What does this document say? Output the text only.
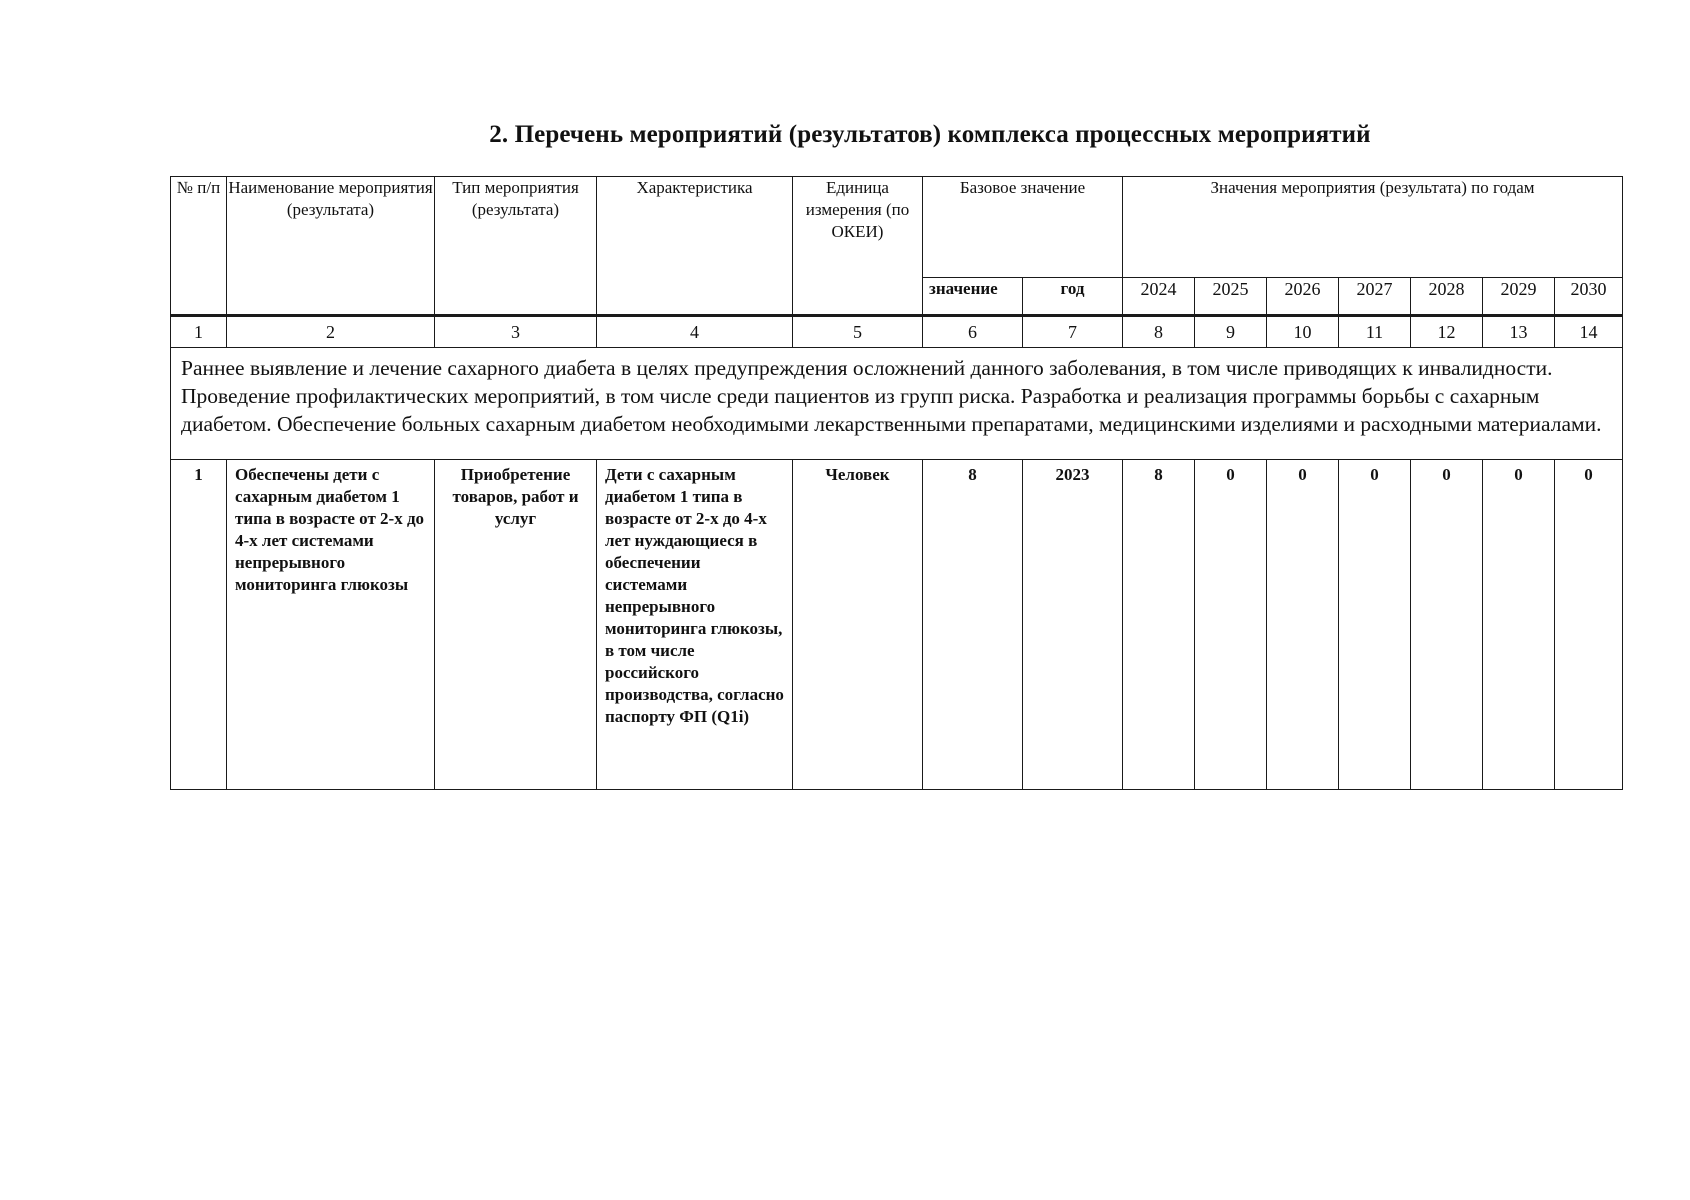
2. Перечень мероприятий (результатов) комплекса процессных мероприятий
№ п/п	Наименование мероприятия (результата)	Тип мероприятия (результата)	Характеристика	Единица измерения (по ОКЕИ)	Базовое значение		Значения мероприятия (результата) по годам						
					значение	год	2024	2025	2026	2027	2028	2029	2030
1	2	3	4	5	6	7	8	9	10	11	12	13	14
Раннее выявление и лечение сахарного диабета в целях предупреждения осложнений данного заболевания, в том числе приводящих к инвалидности. Проведение профилактических мероприятий, в том числе среди пациентов из групп риска. Разработка и реализация программы борьбы с сахарным диабетом. Обеспечение больных сахарным диабетом необходимыми лекарственными препаратами, медицинскими изделиями и расходными материалами.													
1	Обеспечены дети с сахарным диабетом 1 типа в возрасте от 2-х до 4-х лет системами непрерывного мониторинга глюкозы	Приобретение товаров, работ и услуг	Дети с сахарным диабетом 1 типа в возрасте от 2-х до 4-х лет нуждающиеся в обеспечении системами непрерывного мониторинга глюкозы, в том числе российского производства, согласно паспорту ФП (Q1i)	Человек	8	2023	8	0	0	0	0	0	0
